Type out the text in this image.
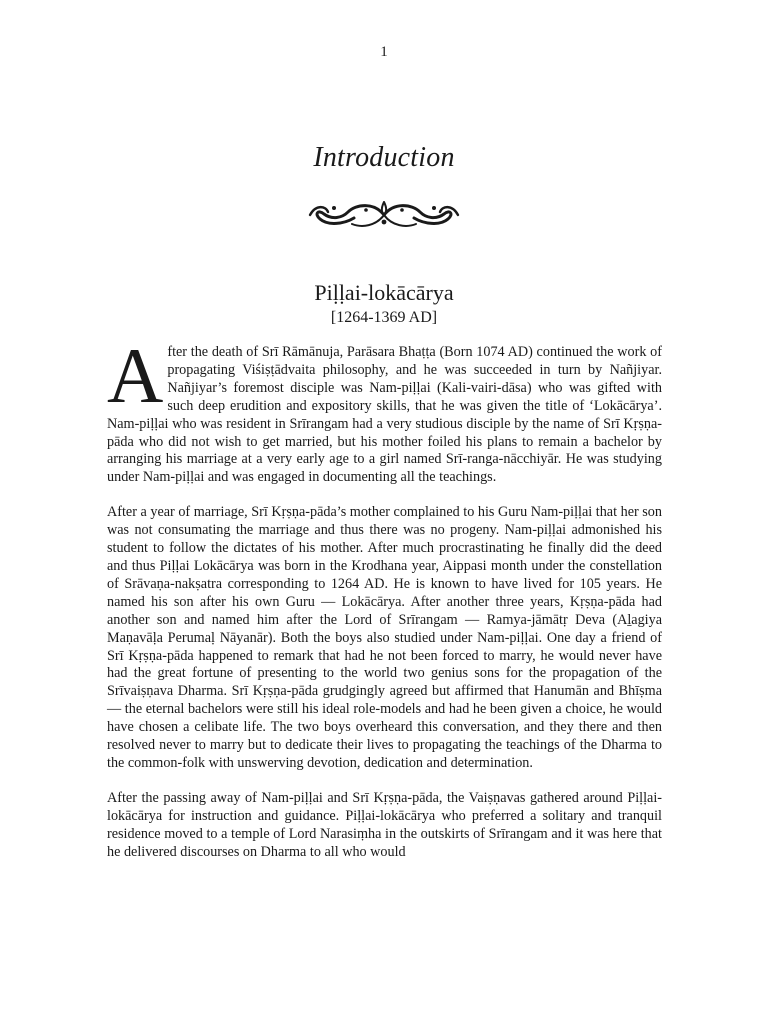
1
Introduction
Piḷḷai-lokācārya
[1264-1369 AD]

After the death of Srī Rāmānuja, Parāsara Bhaṭṭa (Born 1074 AD) continued the work of propagating Viśiṣṭādvaita philosophy, and he was succeeded in turn by Nañjiyar. Nañjiyar’s foremost disciple was Nam-piḷḷai (Kali-vairi-dāsa) who was gifted with such deep erudition and expository skills, that he was given the title of ‘Lokācārya’. Nam-piḷḷai who was resident in Srīrangam had a very studious disciple by the name of Srī Kṛṣṇa-pāda who did not wish to get married, but his mother foiled his plans to remain a bachelor by arranging his marriage at a very early age to a girl named Srī-ranga-nācchiyār. He was studying under Nam-piḷḷai and was engaged in documenting all the teachings.

After a year of marriage, Srī Kṛṣṇa-pāda’s mother complained to his Guru Nam-piḷḷai that her son was not consumating the marriage and thus there was no progeny. Nam-piḷḷai admonished his student to follow the dictates of his mother. After much procrastinating he finally did the deed and thus Piḷḷai Lokācārya was born in the Krodhana year, Aippasi month under the constellation of Srāvaṇa-nakṣatra corresponding to 1264 AD. He is known to have lived for 105 years. He named his son after his own Guru — Lokācārya. After another three years, Kṛṣṇa-pāda had another son and named him after the Lord of Srīrangam — Ramya-jāmātṛ Deva (Aḻagiya Maṇavāḷa Perumaḷ Nāyanār). Both the boys also studied under Nam-piḷḷai. One day a friend of Srī Kṛṣṇa-pāda happened to remark that had he not been forced to marry, he would never have had the great fortune of presenting to the world two genius sons for the propagation of the Srīvaiṣṇava Dharma. Srī Kṛṣṇa-pāda grudgingly agreed but affirmed that Hanumān and Bhīṣma — the eternal bachelors were still his ideal role-models and had he been given a choice, he would have chosen a celibate life. The two boys overheard this conversation, and they there and then resolved never to marry but to dedicate their lives to propagating the teachings of the Dharma to the common-folk with unswerving devotion, dedication and determination.

After the passing away of Nam-piḷḷai and Srī Kṛṣṇa-pāda, the Vaiṣṇavas gathered around Piḷḷai-lokācārya for instruction and guidance. Piḷḷai-lokācārya who preferred a solitary and tranquil residence moved to a temple of Lord Narasiṃha in the outskirts of Srīrangam and it was here that he delivered discourses on Dharma to all who would
